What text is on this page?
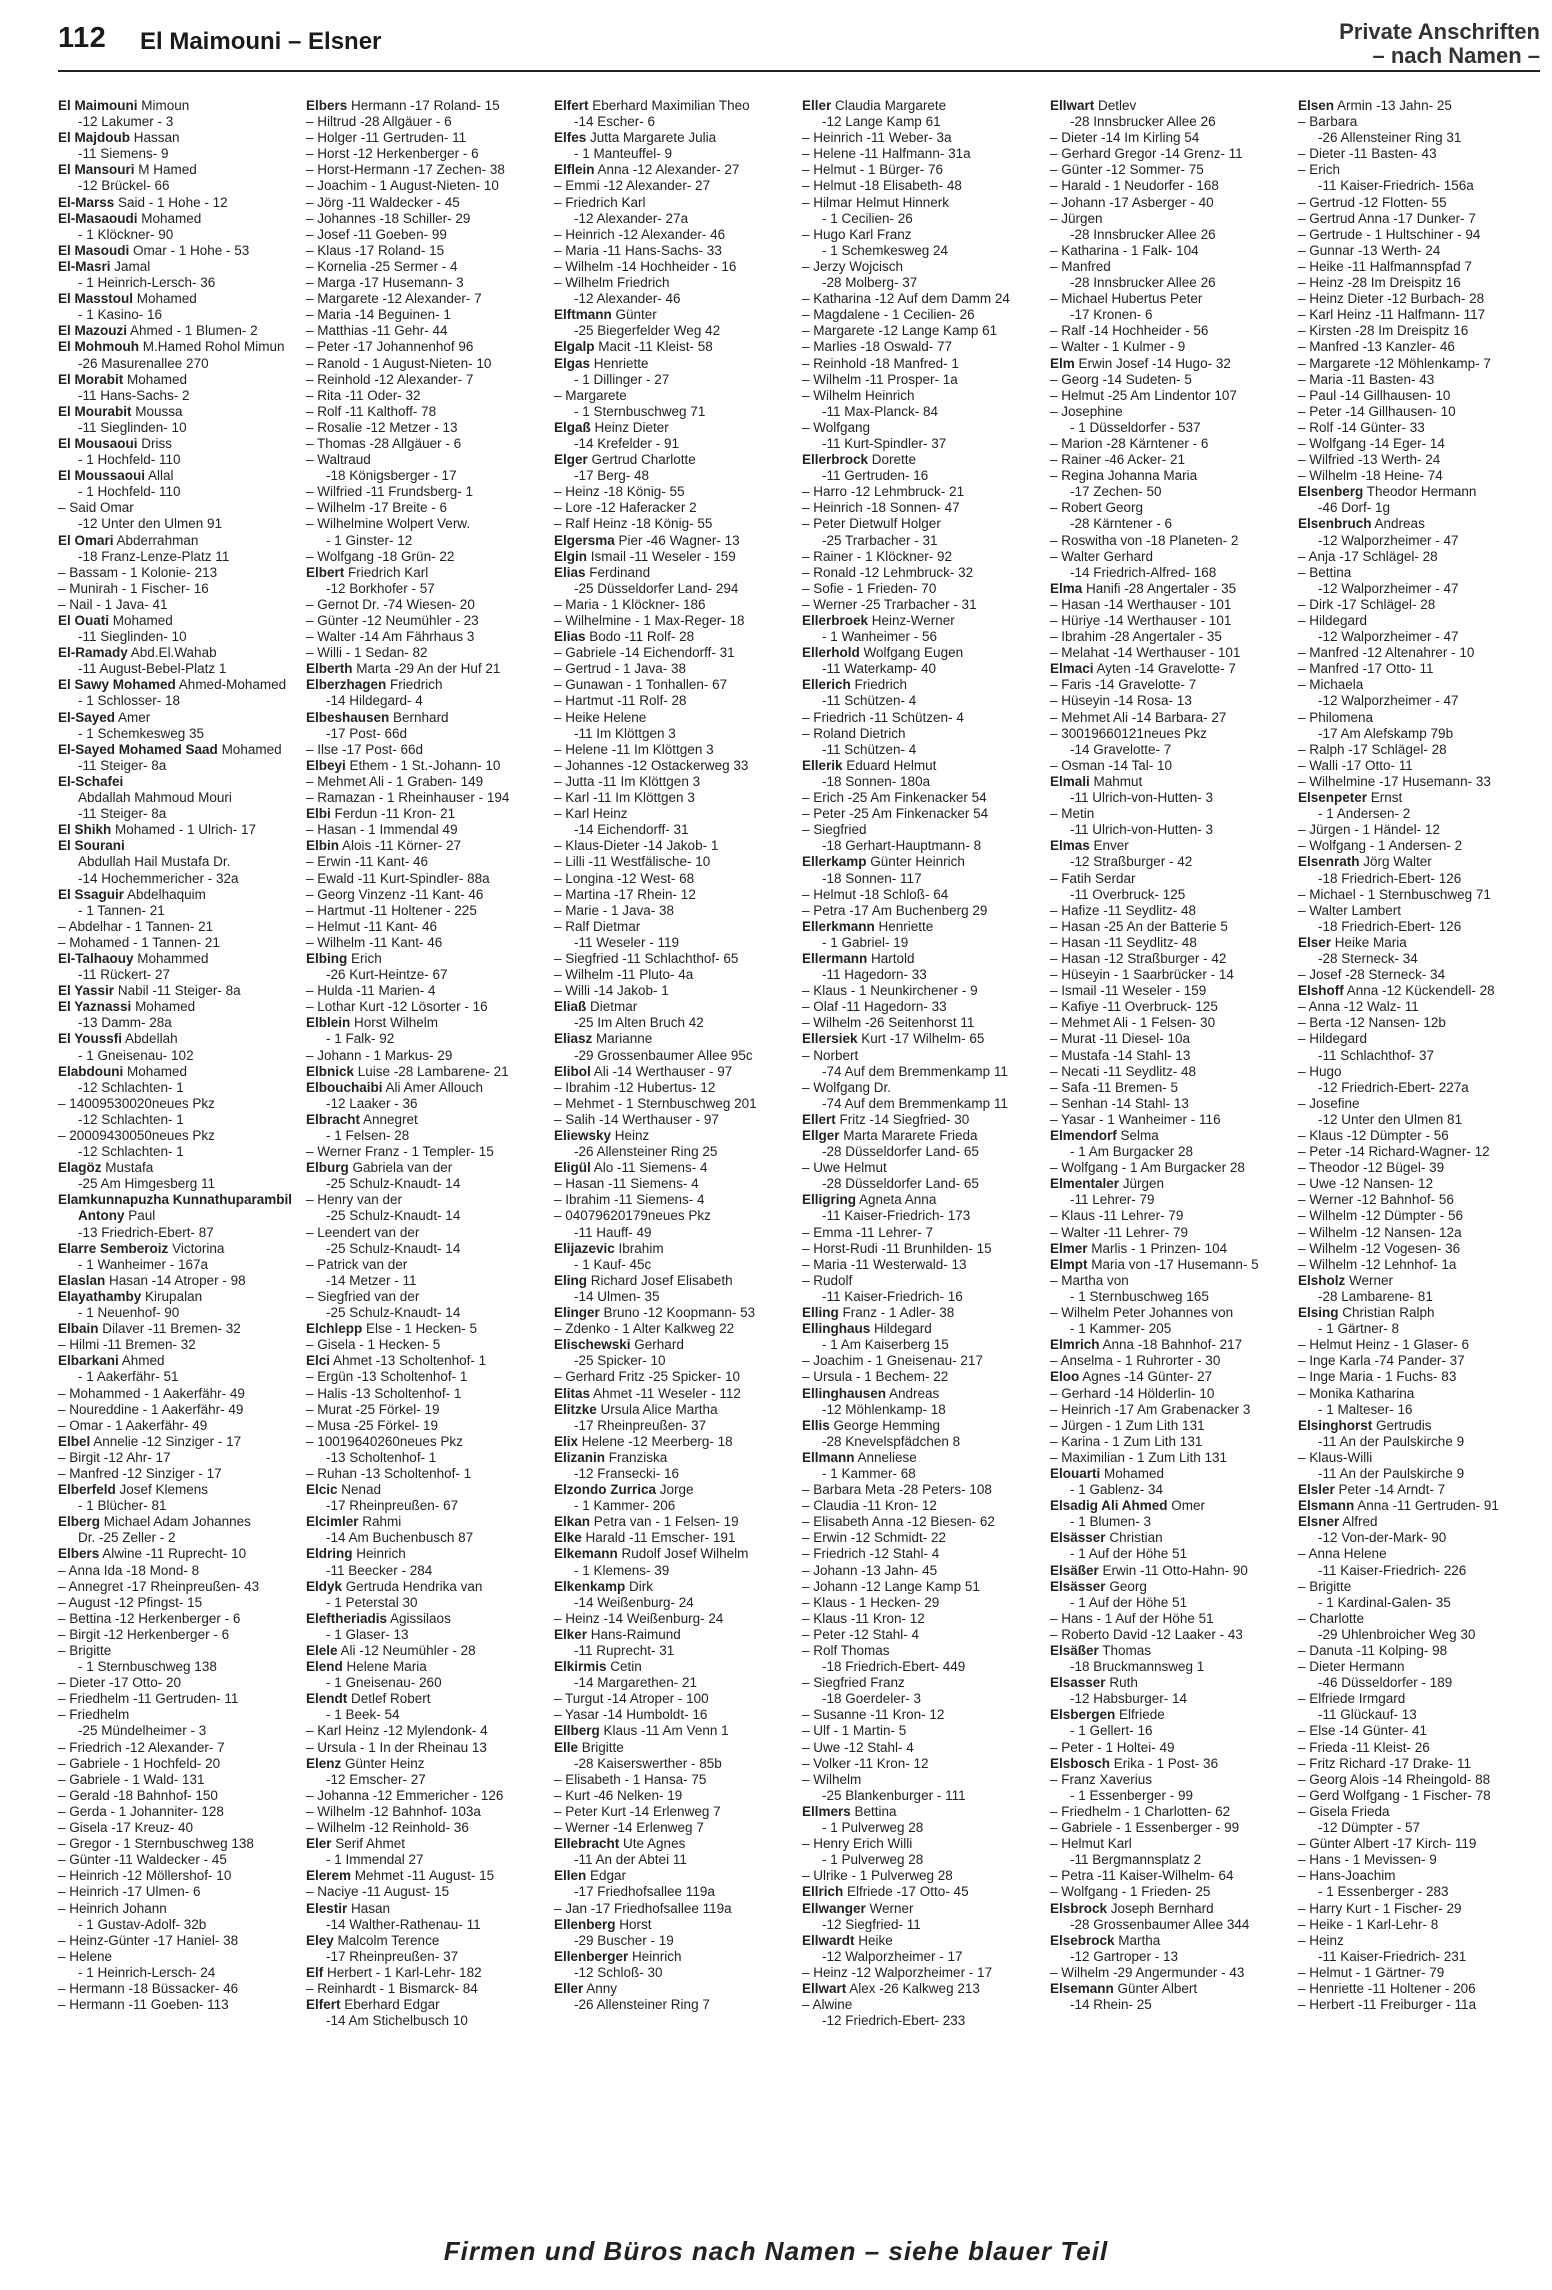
112 El Maimouni – Elsner	Private Anschriften
– nach Namen –
El Maimouni Mimoun
-12 Lakumer - 3
El Majdoub Hassan
-11 Siemens- 9
El Mansouri M Hamed
-12 Brückel- 66
El-Marss Said - 1 Hohe - 12
El-Masaoudi Mohamed
- 1 Klöckner- 90
El Masoudi Omar - 1 Hohe - 53
El-Masri Jamal
- 1 Heinrich-Lersch- 36
El Masstoul Mohamed
- 1 Kasino- 16
El Mazouzi Ahmed - 1 Blumen- 2
El Mohmouh M.Hamed Rohol Mimun
-26 Masurenallee 270
El Morabit Mohamed
-11 Hans-Sachs- 2
El Mourabit Moussa
-11 Sieglinden- 10
El Mousaoui Driss
- 1 Hochfeld- 110
El Moussaoui Allal
- 1 Hochfeld- 110
– Said Omar
-12 Unter den Ulmen 91
El Omari Abderrahman
-18 Franz-Lenze-Platz 11
– Bassam - 1 Kolonie- 213
– Munirah - 1 Fischer- 16
– Nail - 1 Java- 41
El Ouati Mohamed
-11 Sieglinden- 10
El-Ramady Abd.El.Wahab
-11 August-Bebel-Platz 1
El Sawy Mohamed Ahmed-Mohamed
- 1 Schlosser- 18
El-Sayed Amer
- 1 Schemkesweg 35
El-Sayed Mohamed Saad Mohamed
-11 Steiger- 8a
El-Schafei
Abdallah Mahmoud Mouri
-11 Steiger- 8a
El Shikh Mohamed - 1 Ulrich- 17
El Sourani
Abdullah Hail Mustafa Dr.
-14 Hochemmericher - 32a
El Ssaguir Abdelhaquim
- 1 Tannen- 21
– Abdelhar - 1 Tannen- 21
– Mohamed - 1 Tannen- 21
El-Talhaouy Mohammed
-11 Rückert- 27
El Yassir Nabil -11 Steiger- 8a
El Yaznassi Mohamed
-13 Damm- 28a
El Youssfi Abdellah
- 1 Gneisenau- 102
Elabdouni Mohamed
-12 Schlachten- 1
– 14009530020neues Pkz
-12 Schlachten- 1
– 20009430050neues Pkz
-12 Schlachten- 1
Elagöz Mustafa
-25 Am Himgesberg 11
Elamkunnapuzha Kunnathuparambil
Antony Paul
-13 Friedrich-Ebert- 87
Elarre Semberoiz Victorina
- 1 Wanheimer - 167a
Elaslan Hasan -14 Atroper - 98
Elayathamby Kirupalan
- 1 Neuenhof- 90
Elbain Dilaver -11 Bremen- 32
– Hilmi -11 Bremen- 32
Elbarkani Ahmed
- 1 Aakerfähr- 51
– Mohammed - 1 Aakerfähr- 49
– Noureddine - 1 Aakerfähr- 49
– Omar - 1 Aakerfähr- 49
Elbel Annelie -12 Sinziger - 17
– Birgit -12 Ahr- 17
– Manfred -12 Sinziger - 17
Elberfeld Josef Klemens
- 1 Blücher- 81
Elberg Michael Adam Johannes
Dr. -25 Zeller - 2
Elbers Alwine -11 Ruprecht- 10
– Anna Ida -18 Mond- 8
– Annegret -17 Rheinpreußen- 43
– August -12 Pfingst- 15
– Bettina -12 Herkenberger - 6
– Birgit -12 Herkenberger - 6
– Brigitte
- 1 Sternbuschweg 138
– Dieter -17 Otto- 20
– Friedhelm -11 Gertruden- 11
– Friedhelm
-25 Mündelheimer - 3
– Friedrich -12 Alexander- 7
– Gabriele - 1 Hochfeld- 20
– Gabriele - 1 Wald- 131
– Gerald -18 Bahnhof- 150
– Gerda - 1 Johanniter- 128
– Gisela -17 Kreuz- 40
– Gregor - 1 Sternbuschweg 138
– Günter -11 Waldecker - 45
– Heinrich -12 Möllershof- 10
– Heinrich -17 Ulmen- 6
– Heinrich Johann
- 1 Gustav-Adolf- 32b
– Heinz-Günter -17 Haniel- 38
– Helene
- 1 Heinrich-Lersch- 24
– Hermann -18 Büssacker- 46
– Hermann -11 Goeben- 113
Elbers Hermann -17 Roland- 15
– Hiltrud -28 Allgäuer - 6
– Holger -11 Gertruden- 11
– Horst -12 Herkenberger - 6
– Horst-Hermann -17 Zechen- 38
– Joachim - 1 August-Nieten- 10
– Jörg -11 Waldecker - 45
– Johannes -18 Schiller- 29
– Josef -11 Goeben- 99
– Klaus -17 Roland- 15
– Kornelia -25 Sermer - 4
– Marga -17 Husemann- 3
– Margarete -12 Alexander- 7
– Maria -14 Beguinen- 1
– Matthias -11 Gehr- 44
– Peter -17 Johannenhof 96
– Ranold - 1 August-Nieten- 10
– Reinhold -12 Alexander- 7
– Rita -11 Oder- 32
– Rolf -11 Kalthoff- 78
– Rosalie -12 Metzer - 13
– Thomas -28 Allgäuer - 6
– Waltraud
-18 Königsberger - 17
– Wilfried -11 Frundsberg- 1
– Wilhelm -17 Breite - 6
– Wilhelmine Wolpert Verw.
- 1 Ginster- 12
– Wolfgang -18 Grün- 22
Elbert Friedrich Karl
-12 Borkhofer - 57
– Gernot Dr. -74 Wiesen- 20
– Günter -12 Neumühler - 23
– Walter -14 Am Fährhaus 3
– Willi - 1 Sedan- 82
Elberth Marta -29 An der Huf 21
Elberzhagen Friedrich
-14 Hildegard- 4
Elbeshausen Bernhard
-17 Post- 66d
– Ilse -17 Post- 66d
Elbeyi Ethem - 1 St.-Johann- 10
– Mehmet Ali - 1 Graben- 149
– Ramazan - 1 Rheinhauser - 194
Elbi Ferdun -11 Kron- 21
– Hasan - 1 Immendal 49
Elbin Alois -11 Körner- 27
– Erwin -11 Kant- 46
– Ewald -11 Kurt-Spindler- 88a
– Georg Vinzenz -11 Kant- 46
– Hartmut -11 Holtener - 225
– Helmut -11 Kant- 46
– Wilhelm -11 Kant- 46
Elbing Erich
-26 Kurt-Heintze- 67
– Hulda -11 Marien- 4
– Lothar Kurt -12 Lösorter - 16
Elblein Horst Wilhelm
- 1 Falk- 92
– Johann - 1 Markus- 29
Elbnick Luise -28 Lambarene- 21
Elbouchaibi Ali Amer Allouch
-12 Laaker - 36
Elbracht Annegret
- 1 Felsen- 28
– Werner Franz - 1 Templer- 15
Elburg Gabriela van der
-25 Schulz-Knaudt- 14
– Henry van der
-25 Schulz-Knaudt- 14
– Leendert van der
-25 Schulz-Knaudt- 14
– Patrick van der
-14 Metzer - 11
– Siegfried van der
-25 Schulz-Knaudt- 14
Elchlepp Else - 1 Hecken- 5
– Gisela - 1 Hecken- 5
Elci Ahmet -13 Scholtenhof- 1
– Ergün -13 Scholtenhof- 1
– Halis -13 Scholtenhof- 1
– Murat -25 Förkel- 19
– Musa -25 Förkel- 19
– 10019640260neues Pkz
-13 Scholtenhof- 1
– Ruhan -13 Scholtenhof- 1
Elcic Nenad
-17 Rheinpreußen- 67
Elcimler Rahmi
-14 Am Buchenbusch 87
Eldring Heinrich
-11 Beecker - 284
Eldyk Gertruda Hendrika van
- 1 Peterstal 30
Eleftheriadis Agissilaos
- 1 Glaser- 13
Elele Ali -12 Neumühler - 28
Elend Helene Maria
- 1 Gneisenau- 260
Elendt Detlef Robert
- 1 Beek- 54
– Karl Heinz -12 Mylendonk- 4
– Ursula - 1 In der Rheinau 13
Elenz Günter Heinz
-12 Emscher- 27
– Johanna -12 Emmericher - 126
– Wilhelm -12 Bahnhof- 103a
– Wilhelm -12 Reinhold- 36
Eler Serif Ahmet
- 1 Immendal 27
Elerem Mehmet -11 August- 15
– Naciye -11 August- 15
Elestir Hasan
-14 Walther-Rathenau- 11
Eley Malcolm Terence
-17 Rheinpreußen- 37
Elf Herbert - 1 Karl-Lehr- 182
– Reinhardt - 1 Bismarck- 84
Elfert Eberhard Edgar
-14 Am Stichelbusch 10
Elfert Eberhard Maximilian Theo
-14 Escher- 6
Elfes Jutta Margarete Julia
- 1 Manteuffel- 9
Elflein Anna -12 Alexander- 27
– Emmi -12 Alexander- 27
– Friedrich Karl
-12 Alexander- 27a
– Heinrich -12 Alexander- 46
– Maria -11 Hans-Sachs- 33
– Wilhelm -14 Hochheider - 16
– Wilhelm Friedrich
-12 Alexander- 46
Elftmann Günter
-25 Biegerfelder Weg 42
Elgalp Macit -11 Kleist- 58
Elgas Henriette
- 1 Dillinger - 27
– Margarete
- 1 Sternbuschweg 71
Elgaß Heinz Dieter
-14 Krefelder - 91
Elger Gertrud Charlotte
-17 Berg- 48
– Heinz -18 König- 55
– Lore -12 Haferacker 2
– Ralf Heinz -18 König- 55
Elgersma Pier -46 Wagner- 13
Elgin Ismail -11 Weseler - 159
Elias Ferdinand
-25 Düsseldorfer Land- 294
– Maria - 1 Klöckner- 186
– Wilhelmine - 1 Max-Reger- 18
Elias Bodo -11 Rolf- 28
– Gabriele -14 Eichendorff- 31
– Gertrud - 1 Java- 38
– Gunawan - 1 Tonhallen- 67
– Hartmut -11 Rolf- 28
– Heike Helene
-11 Im Klöttgen 3
– Helene -11 Im Klöttgen 3
– Johannes -12 Ostackerweg 33
– Jutta -11 Im Klöttgen 3
– Karl -11 Im Klöttgen 3
– Karl Heinz
-14 Eichendorff- 31
– Klaus-Dieter -14 Jakob- 1
– Lilli -11 Westfälische- 10
– Longina -12 West- 68
– Martina -17 Rhein- 12
– Marie - 1 Java- 38
– Ralf Dietmar
-11 Weseler - 119
– Siegfried -11 Schlachthof- 65
– Wilhelm -11 Pluto- 4a
– Willi -14 Jakob- 1
Eliaß Dietmar
-25 Im Alten Bruch 42
Eliasz Marianne
-29 Grossenbaumer Allee 95c
Elibol Ali -14 Werthauser - 97
– Ibrahim -12 Hubertus- 12
– Mehmet - 1 Sternbuschweg 201
– Salih -14 Werthauser - 97
Eliewsky Heinz
-26 Allensteiner Ring 25
Eligül Alo -11 Siemens- 4
– Hasan -11 Siemens- 4
– Ibrahim -11 Siemens- 4
– 04079620179neues Pkz
-11 Hauff- 49
Elijazevic Ibrahim
- 1 Kauf- 45c
Eling Richard Josef Elisabeth
-14 Ulmen- 35
Elinger Bruno -12 Koopmann- 53
– Zdenko - 1 Alter Kalkweg 22
Elischewski Gerhard
-25 Spicker- 10
– Gerhard Fritz -25 Spicker- 10
Elitas Ahmet -11 Weseler - 112
Elitzke Ursula Alice Martha
-17 Rheinpreußen- 37
Elix Helene -12 Meerberg- 18
Elizanin Franziska
-12 Fransecki- 16
Elzondo Zurrica Jorge
- 1 Kammer- 206
Elkan Petra van - 1 Felsen- 19
Elke Harald -11 Emscher- 191
Elkemann Rudolf Josef Wilhelm
- 1 Klemens- 39
Elkenkamp Dirk
-14 Weißenburg- 24
– Heinz -14 Weißenburg- 24
Elker Hans-Raimund
-11 Ruprecht- 31
Elkirmis Cetin
-14 Margarethen- 21
– Turgut -14 Atroper - 100
– Yasar -14 Humboldt- 16
Ellberg Klaus -11 Am Venn 1
Elle Brigitte
-28 Kaiserswerther - 85b
– Elisabeth - 1 Hansa- 75
– Kurt -46 Nelken- 19
– Peter Kurt -14 Erlenweg 7
– Werner -14 Erlenweg 7
Ellebracht Ute Agnes
-11 An der Abtei 11
Ellen Edgar
-17 Friedhofsallee 119a
– Jan -17 Friedhofsallee 119a
Ellenberg Horst
-29 Buscher - 19
Ellenberger Heinrich
-12 Schloß- 30
Eller Anny
-26 Allensteiner Ring 7
Eller Claudia Margarete
-12 Lange Kamp 61
– Heinrich -11 Weber- 3a
– Helene -11 Halfmann- 31a
– Helmut - 1 Bürger- 76
– Helmut -18 Elisabeth- 48
– Hilmar Helmut Hinnerk
- 1 Cecilien- 26
– Hugo Karl Franz
- 1 Schemkesweg 24
– Jerzy Wojcisch
-28 Molberg- 37
– Katharina -12 Auf dem Damm 24
– Magdalene - 1 Cecilien- 26
– Margarete -12 Lange Kamp 61
– Marlies -18 Oswald- 77
– Reinhold -18 Manfred- 1
– Wilhelm -11 Prosper- 1a
– Wilhelm Heinrich
-11 Max-Planck- 84
– Wolfgang
-11 Kurt-Spindler- 37
Ellerbrock Dorette
-11 Gertruden- 16
– Harro -12 Lehmbruck- 21
– Heinrich -18 Sonnen- 47
– Peter Dietwulf Holger
-25 Trarbacher - 31
– Rainer - 1 Klöckner- 92
– Ronald -12 Lehmbruck- 32
– Sofie - 1 Frieden- 70
– Werner -25 Trarbacher - 31
Ellerbroek Heinz-Werner
- 1 Wanheimer - 56
Ellerhold Wolfgang Eugen
-11 Waterkamp- 40
Ellerich Friedrich
-11 Schützen- 4
– Friedrich -11 Schützen- 4
– Roland Dietrich
-11 Schützen- 4
Ellerik Eduard Helmut
-18 Sonnen- 180a
– Erich -25 Am Finkenacker 54
– Peter -25 Am Finkenacker 54
– Siegfried
-18 Gerhart-Hauptmann- 8
Ellerkamp Günter Heinrich
-18 Sonnen- 117
– Helmut -18 Schloß- 64
– Petra -17 Am Buchenberg 29
Ellerkmann Henriette
- 1 Gabriel- 19
Ellermann Hartold
-11 Hagedorn- 33
– Klaus - 1 Neunkirchener - 9
– Olaf -11 Hagedorn- 33
– Wilhelm -26 Seitenhorst 11
Ellersiek Kurt -17 Wilhelm- 65
– Norbert
-74 Auf dem Bremmenkamp 11
– Wolfgang Dr.
-74 Auf dem Bremmenkamp 11
Ellert Fritz -14 Siegfried- 30
Ellger Marta Mararete Frieda
-28 Düsseldorfer Land- 65
– Uwe Helmut
-28 Düsseldorfer Land- 65
Elligring Agneta Anna
-11 Kaiser-Friedrich- 173
– Emma -11 Lehrer- 7
– Horst-Rudi -11 Brunhilden- 15
– Maria -11 Westerwald- 13
– Rudolf
-11 Kaiser-Friedrich- 16
Elling Franz - 1 Adler- 38
Ellinghaus Hildegard
- 1 Am Kaiserberg 15
– Joachim - 1 Gneisenau- 217
– Ursula - 1 Bechem- 22
Ellinghausen Andreas
-12 Möhlenkamp- 18
Ellis George Hemming
-28 Knevelspfädchen 8
Ellmann Anneliese
- 1 Kammer- 68
– Barbara Meta -28 Peters- 108
– Claudia -11 Kron- 12
– Elisabeth Anna -12 Biesen- 62
– Erwin -12 Schmidt- 22
– Friedrich -12 Stahl- 4
– Johann -13 Jahn- 45
– Johann -12 Lange Kamp 51
– Klaus - 1 Hecken- 29
– Klaus -11 Kron- 12
– Peter -12 Stahl- 4
– Rolf Thomas
-18 Friedrich-Ebert- 449
– Siegfried Franz
-18 Goerdeler- 3
– Susanne -11 Kron- 12
– Ulf - 1 Martin- 5
– Uwe -12 Stahl- 4
– Volker -11 Kron- 12
– Wilhelm
-25 Blankenburger - 111
Ellmers Bettina
- 1 Pulverweg 28
– Henry Erich Willi
- 1 Pulverweg 28
– Ulrike - 1 Pulverweg 28
Ellrich Elfriede -17 Otto- 45
Ellwanger Werner
-12 Siegfried- 11
Ellwardt Heike
-12 Walporzheimer - 17
– Heinz -12 Walporzheimer - 17
Ellwart Alex -26 Kalkweg 213
– Alwine
-12 Friedrich-Ebert- 233
Ellwart Detlev
-28 Innsbrucker Allee 26
– Dieter -14 Im Kirling 54
– Gerhard Gregor -14 Grenz- 11
– Günter -12 Sommer- 75
– Harald - 1 Neudorfer - 168
– Johann -17 Asberger - 40
– Jürgen
-28 Innsbrucker Allee 26
– Katharina - 1 Falk- 104
– Manfred
-28 Innsbrucker Allee 26
– Michael Hubertus Peter
-17 Kronen- 6
– Ralf -14 Hochheider - 56
– Walter - 1 Kulmer - 9
Elm Erwin Josef -14 Hugo- 32
– Georg -14 Sudeten- 5
– Helmut -25 Am Lindentor 107
– Josephine
- 1 Düsseldorfer - 537
– Marion -28 Kärntener - 6
– Rainer -46 Acker- 21
– Regina Johanna Maria
-17 Zechen- 50
– Robert Georg
-28 Kärntener - 6
– Roswitha von -18 Planeten- 2
– Walter Gerhard
-14 Friedrich-Alfred- 168
Elma Hanifi -28 Angertaler - 35
– Hasan -14 Werthauser - 101
– Hüriye -14 Werthauser - 101
– Ibrahim -28 Angertaler - 35
– Melahat -14 Werthauser - 101
Elmaci Ayten -14 Gravelotte- 7
– Faris -14 Gravelotte- 7
– Hüseyin -14 Rosa- 13
– Mehmet Ali -14 Barbara- 27
– 30019660121neues Pkz
-14 Gravelotte- 7
– Osman -14 Tal- 10
Elmali Mahmut
-11 Ulrich-von-Hutten- 3
– Metin
-11 Ulrich-von-Hutten- 3
Elmas Enver
-12 Straßburger - 42
– Fatih Serdar
-11 Overbruck- 125
– Hafize -11 Seydlitz- 48
– Hasan -25 An der Batterie 5
– Hasan -11 Seydlitz- 48
– Hasan -12 Straßburger - 42
– Hüseyin - 1 Saarbrücker - 14
– Ismail -11 Weseler - 159
– Kafiye -11 Overbruck- 125
– Mehmet Ali - 1 Felsen- 30
– Murat -11 Diesel- 10a
– Mustafa -14 Stahl- 13
– Necati -11 Seydlitz- 48
– Safa -11 Bremen- 5
– Senhan -14 Stahl- 13
– Yasar - 1 Wanheimer - 116
Elmendorf Selma
- 1 Am Burgacker 28
– Wolfgang - 1 Am Burgacker 28
Elmentaler Jürgen
-11 Lehrer- 79
– Klaus -11 Lehrer- 79
– Walter -11 Lehrer- 79
Elmer Marlis - 1 Prinzen- 104
Elmpt Maria von -17 Husemann- 5
– Martha von
- 1 Sternbuschweg 165
– Wilhelm Peter Johannes von
- 1 Kammer- 205
Elmrich Anna -18 Bahnhof- 217
– Anselma - 1 Ruhrorter - 30
Eloo Agnes -14 Günter- 27
– Gerhard -14 Hölderlin- 10
– Heinrich -17 Am Grabenacker 3
– Jürgen - 1 Zum Lith 131
– Karina - 1 Zum Lith 131
– Maximilian - 1 Zum Lith 131
Elouarti Mohamed
- 1 Gablenz- 34
Elsadig Ali Ahmed Omer
- 1 Blumen- 3
Elsässer Christian
- 1 Auf der Höhe 51
Elsäßer Erwin -11 Otto-Hahn- 90
Elsässer Georg
- 1 Auf der Höhe 51
– Hans - 1 Auf der Höhe 51
– Roberto David -12 Laaker - 43
Elsäßer Thomas
-18 Bruckmannsweg 1
Elsasser Ruth
-12 Habsburger- 14
Elsbergen Elfriede
- 1 Gellert- 16
– Peter - 1 Holtei- 49
Elsbosch Erika - 1 Post- 36
– Franz Xaverius
- 1 Essenberger - 99
– Friedhelm - 1 Charlotten- 62
– Gabriele - 1 Essenberger - 99
– Helmut Karl
-11 Bergmannsplatz 2
– Petra -11 Kaiser-Wilhelm- 64
– Wolfgang - 1 Frieden- 25
Elsbrock Joseph Bernhard
-28 Grossenbaumer Allee 344
Elsebrock Martha
-12 Gartroper - 13
– Wilhelm -29 Angermunder - 43
Elsemann Günter Albert
-14 Rhein- 25
Elsen Armin -13 Jahn- 25
– Barbara
-26 Allensteiner Ring 31
– Dieter -11 Basten- 43
– Erich
-11 Kaiser-Friedrich- 156a
– Gertrud -12 Flotten- 55
– Gertrud Anna -17 Dunker- 7
– Gertrude - 1 Hultschiner - 94
– Gunnar -13 Werth- 24
– Heike -11 Halfmannspfad 7
– Heinz -28 Im Dreispitz 16
– Heinz Dieter -12 Burbach- 28
– Karl Heinz -11 Halfmann- 117
– Kirsten -28 Im Dreispitz 16
– Manfred -13 Kanzler- 46
– Margarete -12 Möhlenkamp- 7
– Maria -11 Basten- 43
– Paul -14 Gillhausen- 10
– Peter -14 Gillhausen- 10
– Rolf -14 Günter- 33
– Wolfgang -14 Eger- 14
– Wilfried -13 Werth- 24
– Wilhelm -18 Heine- 74
Elsenberg Theodor Hermann
-46 Dorf- 1g
Elsenbruch Andreas
-12 Walporzheimer - 47
– Anja -17 Schlägel- 28
– Bettina
-12 Walporzheimer - 47
– Dirk -17 Schlägel- 28
– Hildegard
-12 Walporzheimer - 47
– Manfred -12 Altenahrer - 10
– Manfred -17 Otto- 11
– Michaela
-12 Walporzheimer - 47
– Philomena
-17 Am Alefskamp 79b
– Ralph -17 Schlägel- 28
– Walli -17 Otto- 11
– Wilhelmine -17 Husemann- 33
Elsenpeter Ernst
- 1 Andersen- 2
– Jürgen - 1 Händel- 12
– Wolfgang - 1 Andersen- 2
Elsenrath Jörg Walter
-18 Friedrich-Ebert- 126
– Michael - 1 Sternbuschweg 71
– Walter Lambert
-18 Friedrich-Ebert- 126
Elser Heike Maria
-28 Sterneck- 34
– Josef -28 Sterneck- 34
Elshoff Anna -12 Kückendell- 28
– Anna -12 Walz- 11
– Berta -12 Nansen- 12b
– Hildegard
-11 Schlachthof- 37
– Hugo
-12 Friedrich-Ebert- 227a
– Josefine
-12 Unter den Ulmen 81
– Klaus -12 Dümpter - 56
– Peter -14 Richard-Wagner- 12
– Theodor -12 Bügel- 39
– Uwe -12 Nansen- 12
– Werner -12 Bahnhof- 56
– Wilhelm -12 Dümpter - 56
– Wilhelm -12 Nansen- 12a
– Wilhelm -12 Vogesen- 36
– Wilhelm -12 Lehnhof- 1a
Elsholz Werner
-28 Lambarene- 81
Elsing Christian Ralph
- 1 Gärtner- 8
– Helmut Heinz - 1 Glaser- 6
– Inge Karla -74 Pander- 37
– Inge Maria - 1 Fuchs- 83
– Monika Katharina
- 1 Malteser- 16
Elsinghorst Gertrudis
-11 An der Paulskirche 9
– Klaus-Willi
-11 An der Paulskirche 9
Elsler Peter -14 Arndt- 7
Elsmann Anna -11 Gertruden- 91
Elsner Alfred
-12 Von-der-Mark- 90
– Anna Helene
-11 Kaiser-Friedrich- 226
– Brigitte
- 1 Kardinal-Galen- 35
– Charlotte
-29 Uhlenbroicher Weg 30
– Danuta -11 Kolping- 98
– Dieter Hermann
-46 Düsseldorfer - 189
– Elfriede Irmgard
-11 Glückauf- 13
– Else -14 Günter- 41
– Frieda -11 Kleist- 26
– Fritz Richard -17 Drake- 11
– Georg Alois -14 Rheingold- 88
– Gerd Wolfgang - 1 Fischer- 78
– Gisela Frieda
-12 Dümpter - 57
– Günter Albert -17 Kirch- 119
– Hans - 1 Mevissen- 9
– Hans-Joachim
- 1 Essenberger - 283
– Harry Kurt - 1 Fischer- 29
– Heike - 1 Karl-Lehr- 8
– Heinz
-11 Kaiser-Friedrich- 231
– Helmut - 1 Gärtner- 79
– Henriette -11 Holtener - 206
– Herbert -11 Freiburger - 11a
Firmen und Büros nach Namen – siehe blauer Teil
